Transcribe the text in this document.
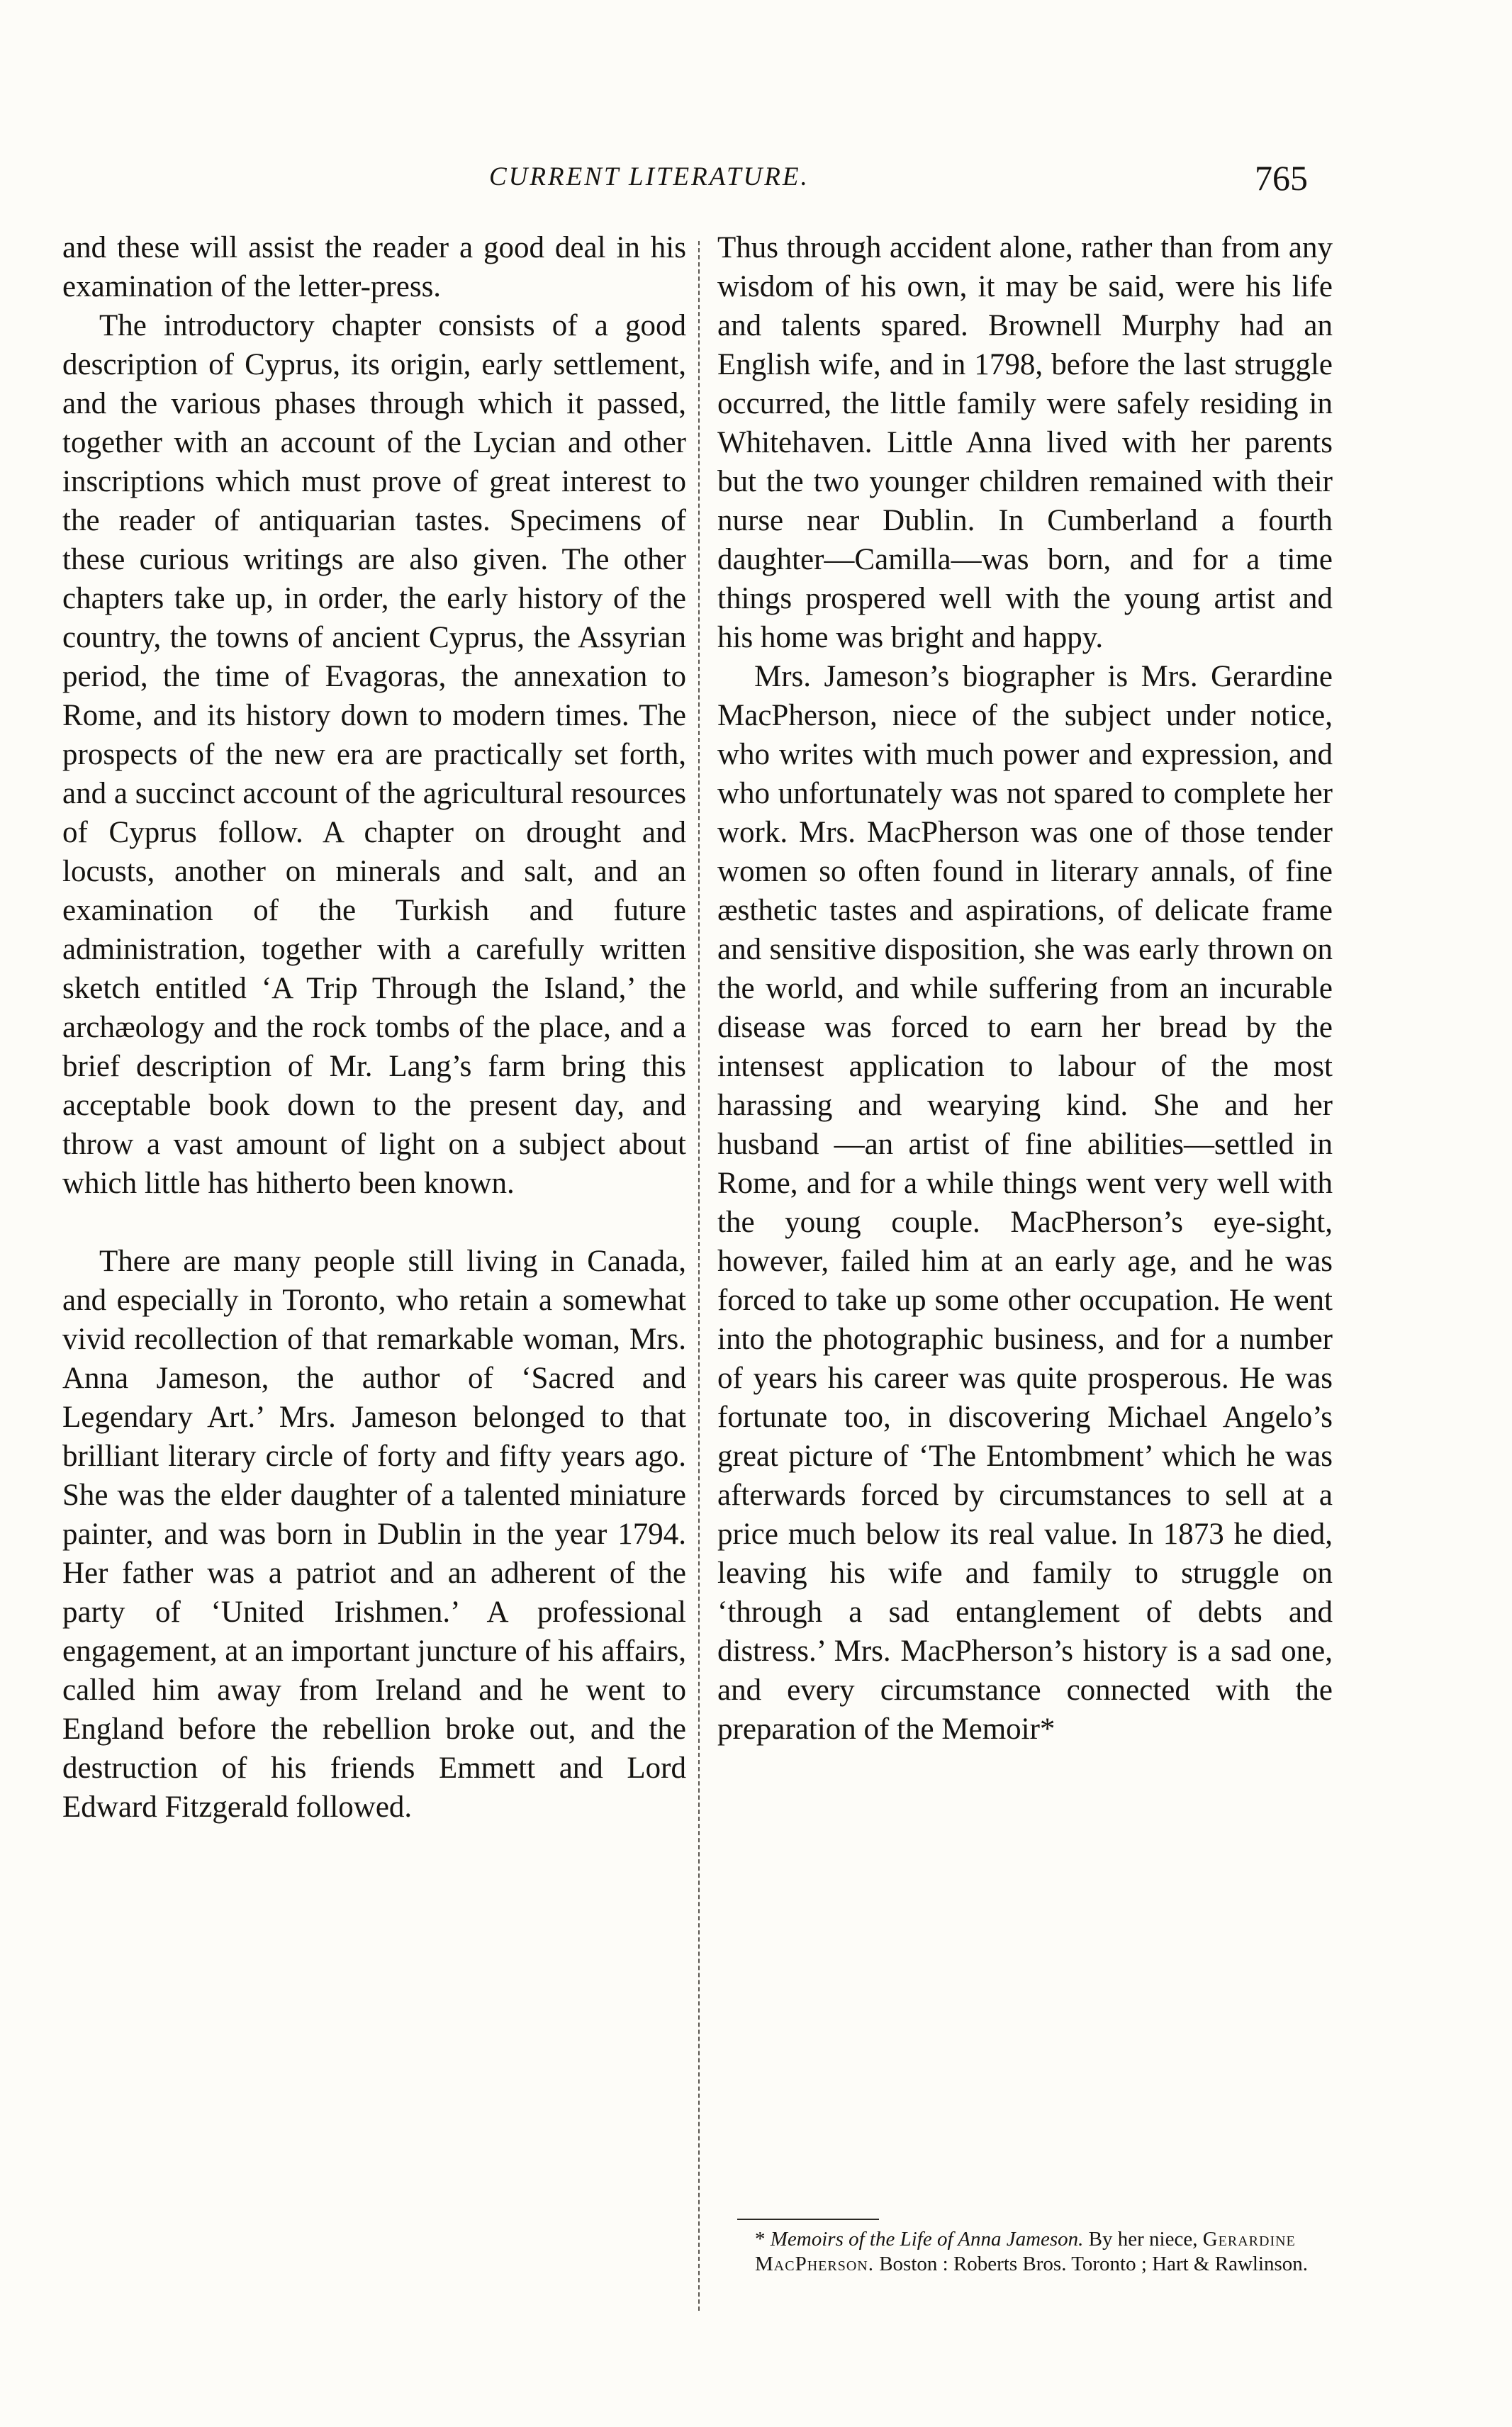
CURRENT LITERATURE.	765

and these will assist the reader a good deal in his examination of the letter-press.

The introductory chapter consists of a good description of Cyprus, its origin, early settlement, and the various phases through which it passed, together with an account of the Lycian and other inscriptions which must prove of great interest to the reader of antiquarian tastes. Specimens of these curious writings are also given. The other chapters take up, in order, the early history of the country, the towns of ancient Cyprus, the Assyrian period, the time of Evagoras, the annexation to Rome, and its history down to modern times. The prospects of the new era are practically set forth, and a succinct account of the agricultural resources of Cyprus follow. A chapter on drought and locusts, another on minerals and salt, and an examination of the Turkish and future administration, together with a carefully written sketch entitled ‘A Trip Through the Island,’ the archæology and the rock tombs of the place, and a brief description of Mr. Lang’s farm bring this acceptable book down to the present day, and throw a vast amount of light on a subject about which little has hitherto been known.

There are many people still living in Canada, and especially in Toronto, who retain a somewhat vivid recollection of that remarkable woman, Mrs. Anna Jameson, the author of ‘Sacred and Legendary Art.’ Mrs. Jameson belonged to that brilliant literary circle of forty and fifty years ago. She was the elder daughter of a talented miniature painter, and was born in Dublin in the year 1794. Her father was a patriot and an adherent of the party of ‘United Irishmen.’ A professional engagement, at an important juncture of his affairs, called him away from Ireland and he went to England before the rebellion broke out, and the destruction of his friends Emmett and Lord Edward Fitzgerald followed.

Thus through accident alone, rather than from any wisdom of his own, it may be said, were his life and talents spared. Brownell Murphy had an English wife, and in 1798, before the last struggle occurred, the little family were safely residing in Whitehaven. Little Anna lived with her parents but the two younger children remained with their nurse near Dublin. In Cumberland a fourth daughter—Camilla—was born, and for a time things prospered well with the young artist and his home was bright and happy.

Mrs. Jameson’s biographer is Mrs. Gerardine MacPherson, niece of the subject under notice, who writes with much power and expression, and who unfortunately was not spared to complete her work. Mrs. MacPherson was one of those tender women so often found in literary annals, of fine æsthetic tastes and aspirations, of delicate frame and sensitive disposition, she was early thrown on the world, and while suffering from an incurable disease was forced to earn her bread by the intensest application to labour of the most harassing and wearying kind. She and her husband —an artist of fine abilities—settled in Rome, and for a while things went very well with the young couple. MacPherson’s eye-sight, however, failed him at an early age, and he was forced to take up some other occupation. He went into the photographic business, and for a number of years his career was quite prosperous. He was fortunate too, in discovering Michael Angelo’s great picture of ‘The Entombment’ which he was afterwards forced by circumstances to sell at a price much below its real value. In 1873 he died, leaving his wife and family to struggle on ‘through a sad entanglement of debts and distress.’ Mrs. MacPherson’s history is a sad one, and every circumstance connected with the preparation of the Memoir*

* Memoirs of the Life of Anna Jameson. By her niece, Gerardine MacPherson. Boston : Roberts Bros. Toronto ; Hart & Rawlinson.
